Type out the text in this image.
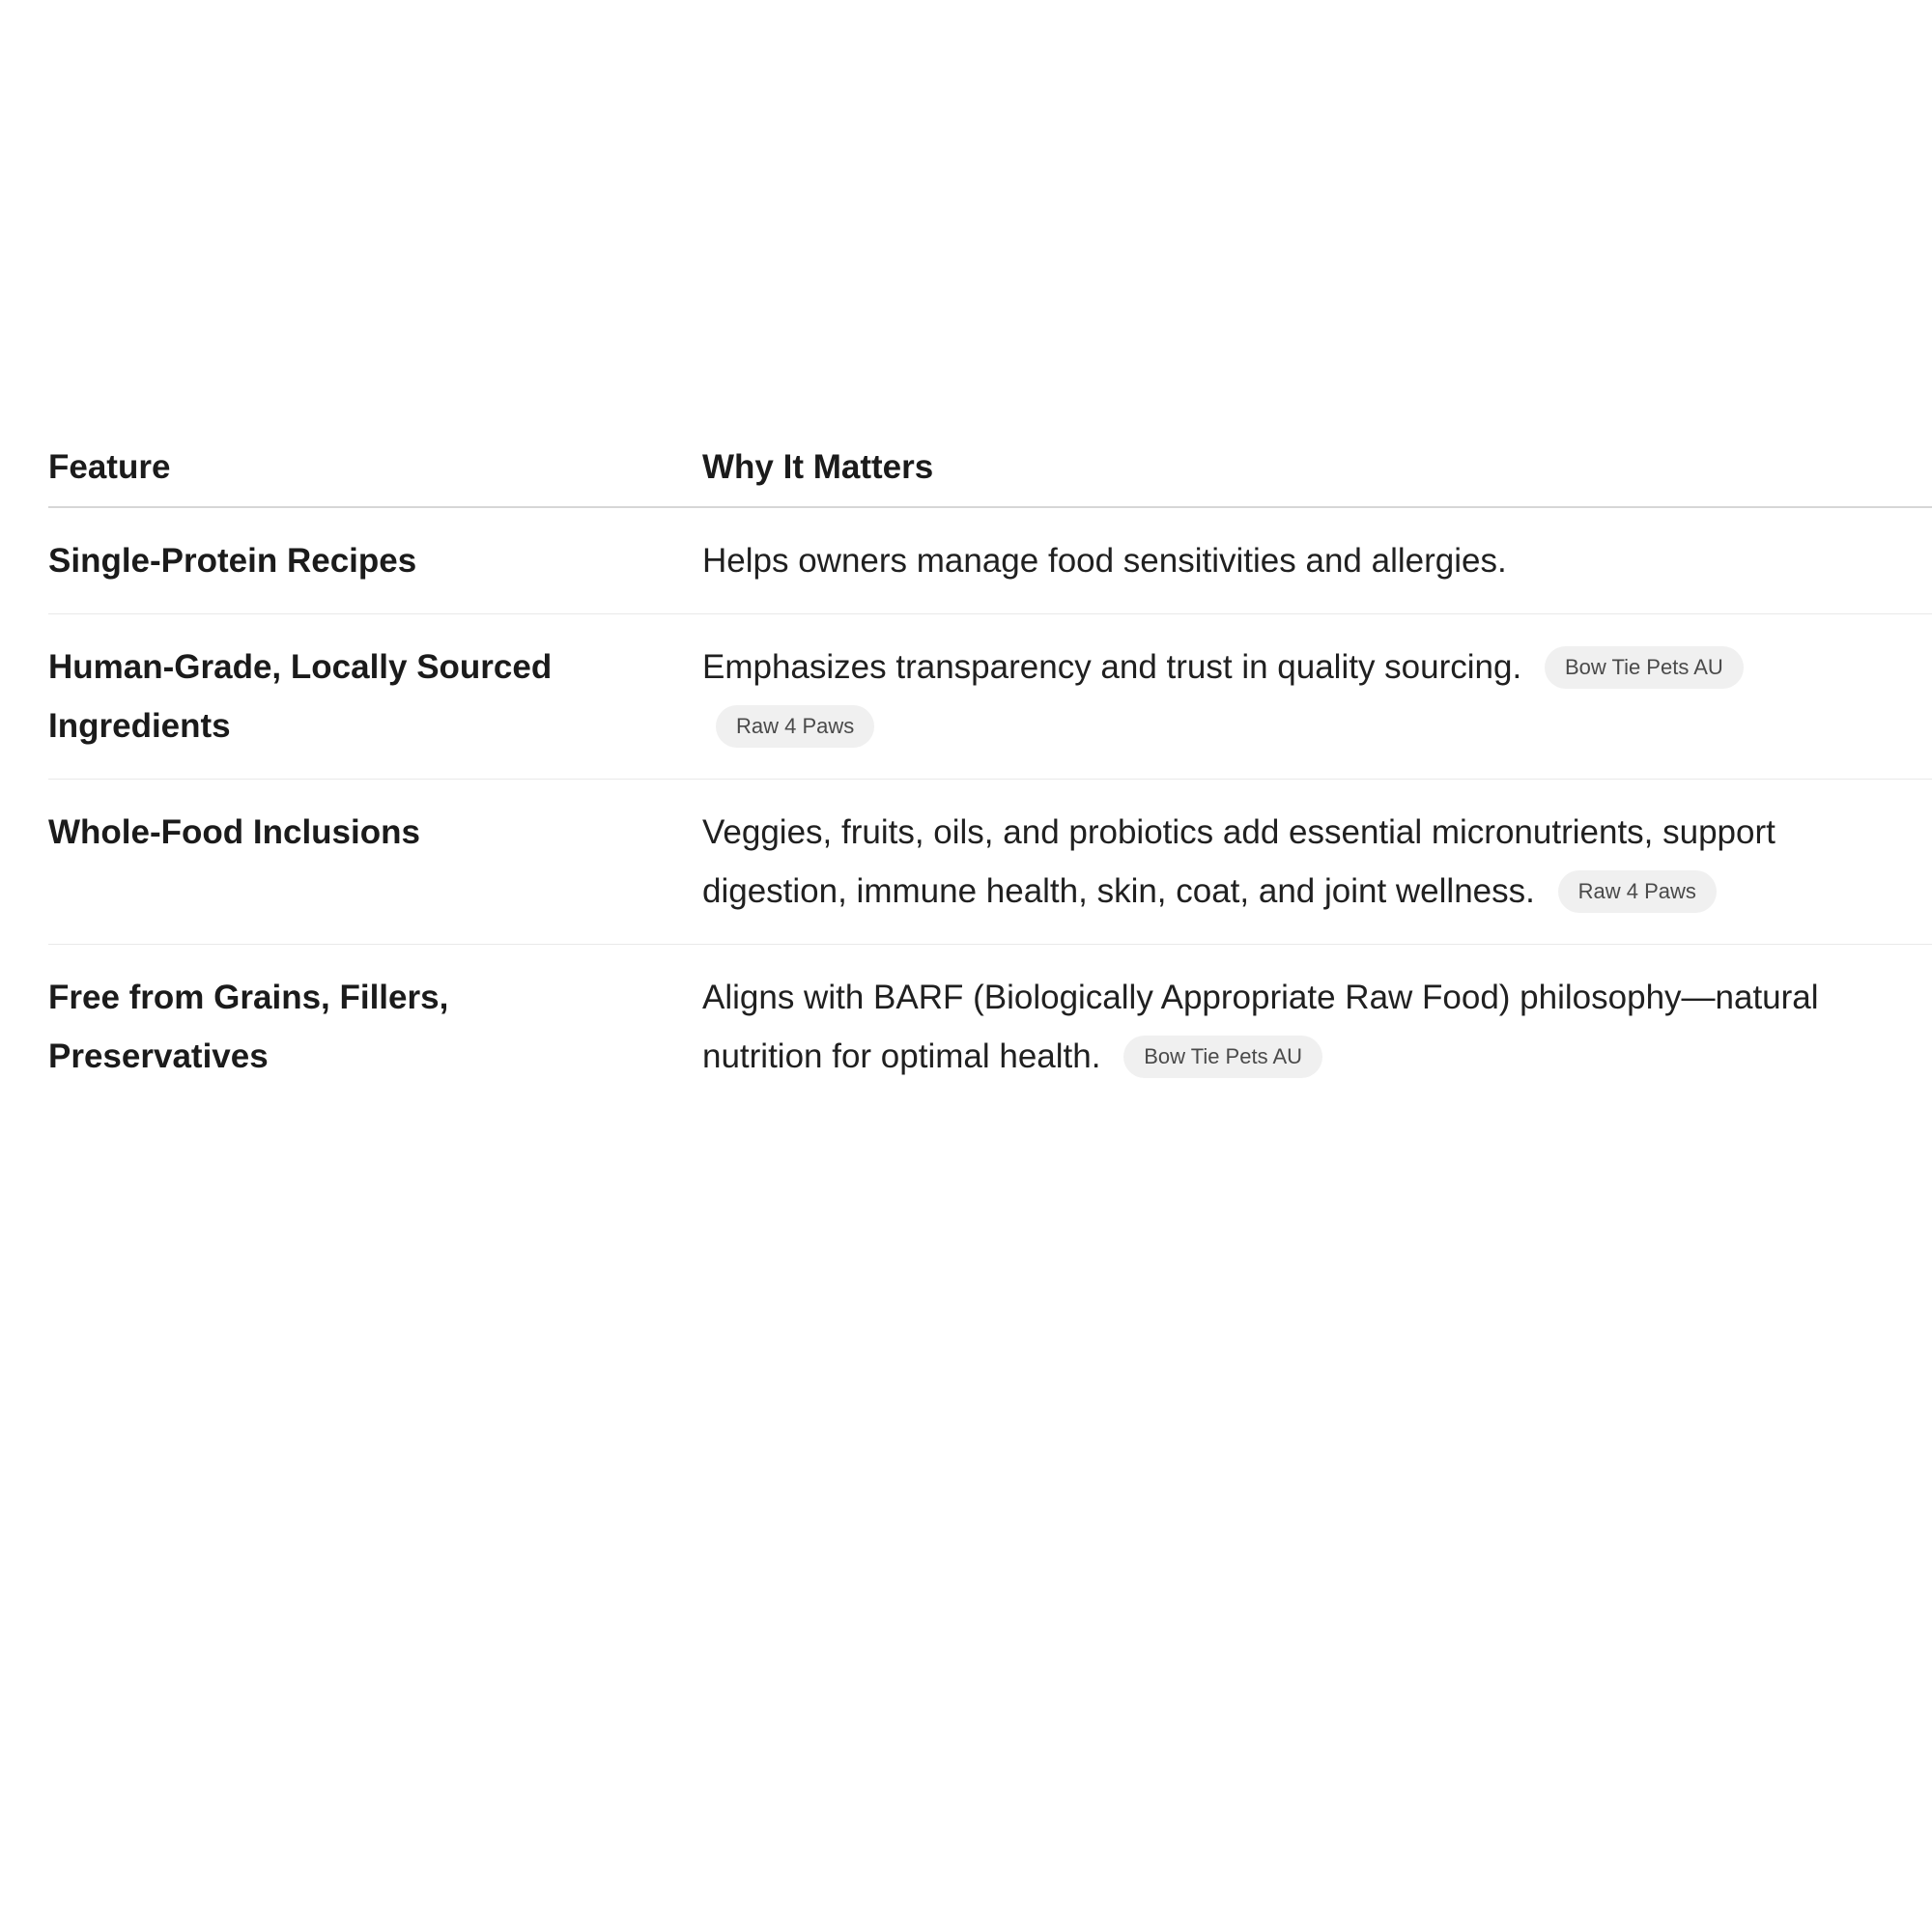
Feature	Why It Matters
Single-Protein Recipes	Helps owners manage food sensitivities and allergies.
Human-Grade, Locally Sourced Ingredients	Emphasizes transparency and trust in quality sourcing. Bow Tie Pets AURaw 4 Paws
Whole-Food Inclusions	Veggies, fruits, oils, and probiotics add essential micronutrients, support digestion, immune health, skin, coat, and joint wellness. Raw 4 Paws
Free from Grains, Fillers, Preservatives	Aligns with BARF (Biologically Appropriate Raw Food) philosophy—natural nutrition for optimal health. Bow Tie Pets AU
